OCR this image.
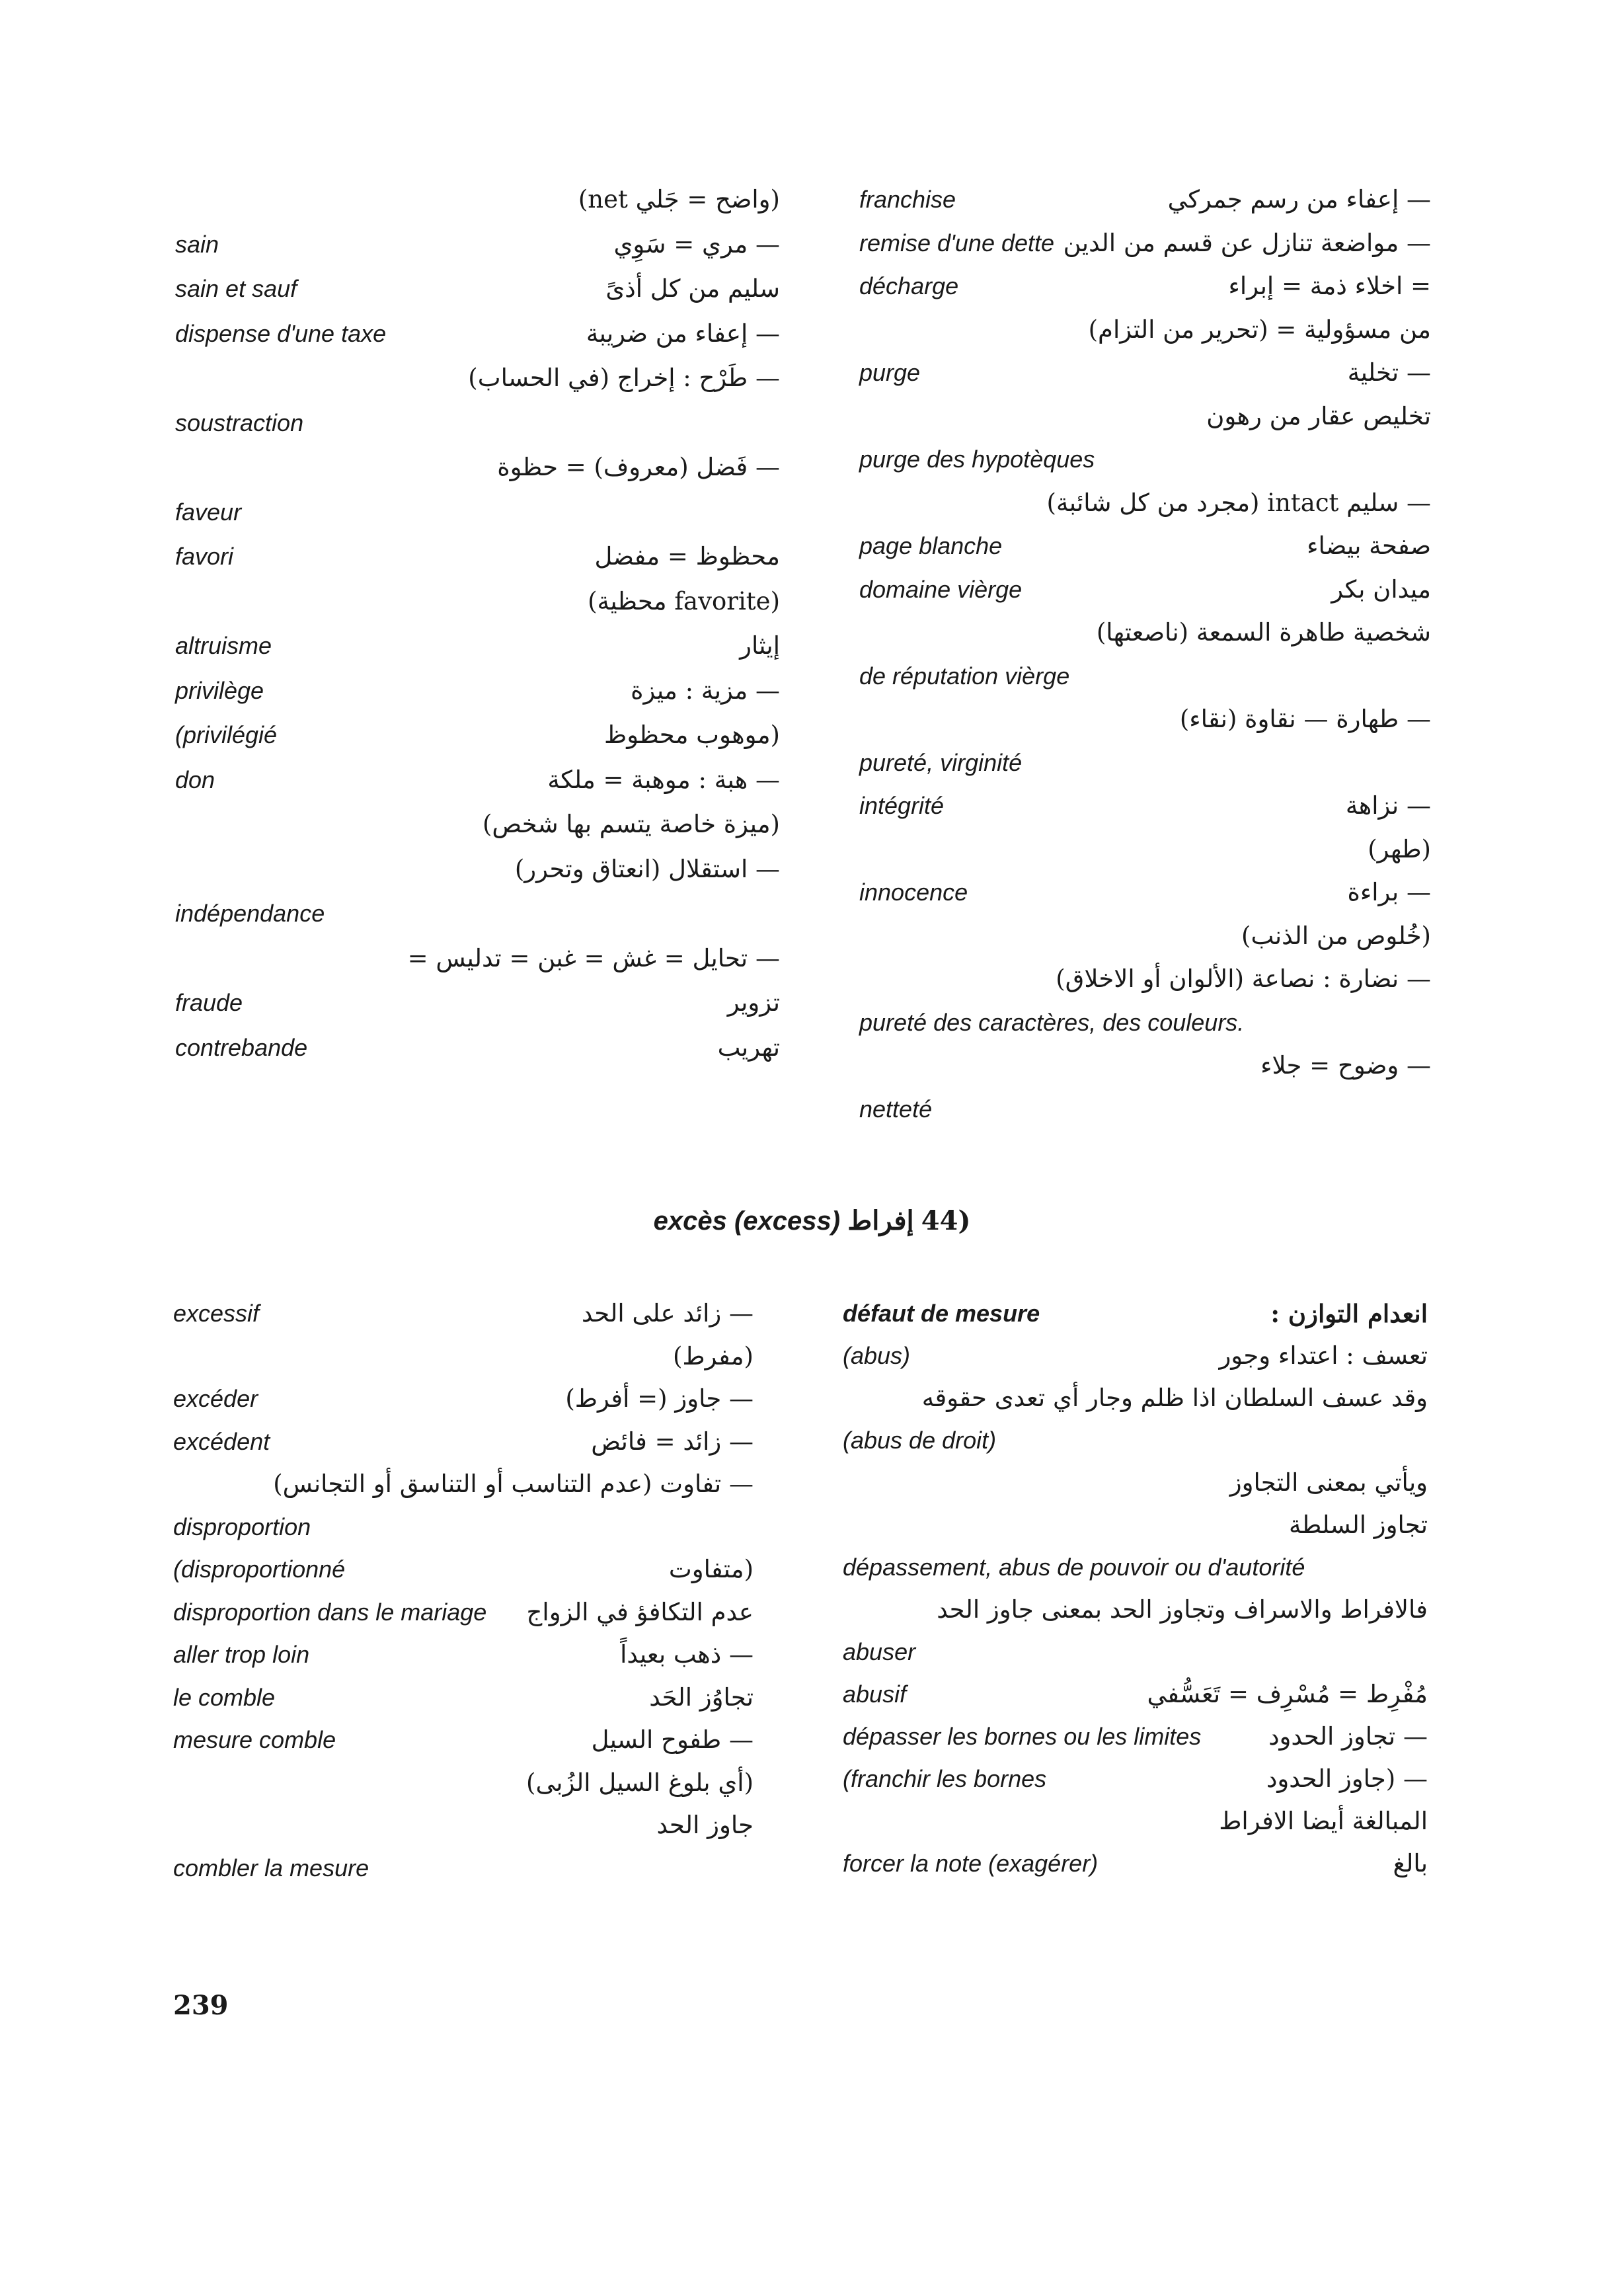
— إعفاء من رسم جمركي
franchise
— مواضعة تنازل عن قسم من الدين
remise d'une dette
= اخلاء ذمة = إبراء
décharge
من مسؤولية = (تحرير من التزام)
— تخلية
purge
تخليص عقار من رهون
purge des hypotèques
— سليم intact (مجرد من كل شائبة)
صفحة بيضاء
page blanche
ميدان بكر
domaine vièrge
شخصية طاهرة السمعة (ناصعتها)
de réputation vièrge
— طهارة — نقاوة (نقاء)
pureté, virginité
— نزاهة
intégrité
(طهر)
— براءة
innocence
(خُلوص من الذنب)
— نضارة : نصاعة (الألوان أو الاخلاق)
pureté des caractères, des couleurs.
— وضوح = جلاء
netteté
(واضح = جَلي net)
— مري = سَوِي
sain
سليم من كل أذىً
sain et sauf
— إعفاء من ضريبة
dispense d'une taxe
— طَرْح : إخراج (في الحساب)
soustraction
— فَضل (معروف) = حظوة
faveur
محظوظ = مفضل
favori
(favorite محظية)
إيثار
altruisme
— مزية : ميزة
privilège
(موهوب محظوظ
(privilégié
— هبة : موهبة = ملكة
don
(ميزة خاصة يتسم بها شخص)
— استقلال (انعتاق وتحرر)
indépendance
— تحايل = غش = غبن = تدليس =
تزوير
fraude
تهريب
contrebande
excès (excess) إفراط (44
انعدام التوازن :
défaut de mesure
تعسف : اعتداء وجور
(abus)
وقد عسف السلطان اذا ظلم وجار أي تعدى حقوقه
(abus de droit)
ويأتي بمعنى التجاوز
تجاوز السلطة
dépassement, abus de pouvoir ou d'autorité
فالافراط والاسراف وتجاوز الحد بمعنى جاوز الحد
abuser
مُفْرِط = مُسْرِف = تَعَسُّفي
abusif
— تجاوز الحدود
dépasser les bornes ou les limites
— (جاوز الحدود
(franchir les bornes
المبالغة أيضا الافراط
بالغ
forcer la note (exagérer)
— زائد على الحد
excessif
(مفرط)
— جاوز (= أفرط)
excéder
— زائد = فائض
excédent
— تفاوت (عدم التناسب أو التناسق أو التجانس)
disproportion
(متفاوت
(disproportionné
عدم التكافؤ في الزواج
disproportion dans le mariage
— ذهب بعيداً
aller trop loin
تجاوُز الحَد
le comble
— طفوح السيل
mesure comble
(أي بلوغ السيل الزُبى)
جاوز الحد
combler la mesure
239
